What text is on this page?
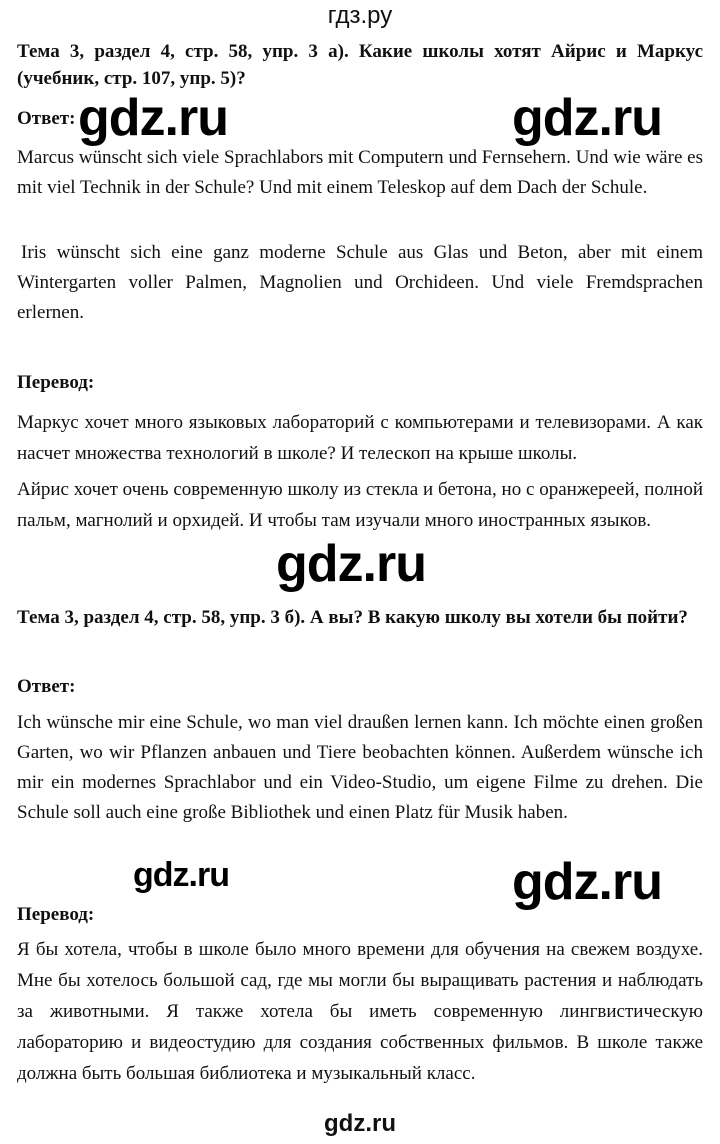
гдз.ру
Тема 3, раздел 4, стр. 58, упр. 3 а). Какие школы хотят Айрис и Маркус (учебник, стр. 107, упр. 5)?
Ответ:

Marcus wünscht sich viele Sprachlabors mit Computern und Fernsehern. Und wie wäre es mit viel Technik in der Schule? Und mit einem Teleskop auf dem Dach der Schule.

Iris wünscht sich eine ganz moderne Schule aus Glas und Beton, aber mit einem Wintergarten voller Palmen, Magnolien und Orchideen. Und viele Fremdsprachen erlernen.

Перевод:

Маркус хочет много языковых лабораторий с компьютерами и телевизорами. А как насчет множества технологий в школе? И телескоп на крыше школы.

Айрис хочет очень современную школу из стекла и бетона, но с оранжереей, полной пальм, магнолий и орхидей. И чтобы там изучали много иностранных языков.

Тема 3, раздел 4, стр. 58, упр. 3 б). А вы? В какую школу вы хотели бы пойти?
Ответ:

Ich wünsche mir eine Schule, wo man viel draußen lernen kann. Ich möchte einen großen Garten, wo wir Pflanzen anbauen und Tiere beobachten können. Außerdem wünsche ich mir ein modernes Sprachlabor und ein Video-Studio, um eigene Filme zu drehen. Die Schule soll auch eine große Bibliothek und einen Platz für Musik haben.

Перевод:

Я бы хотела, чтобы в школе было много времени для обучения на свежем воздухе. Мне бы хотелось большой сад, где мы могли бы выращивать растения и наблюдать за животными. Я также хотела бы иметь современную лингвистическую лабораторию и видеостудию для создания собственных фильмов. В школе также должна быть большая библиотека и музыкальный класс.

gdz.ru	gdz.ru
gdz.ru
gdz.ru	gdz.ru
gdz.ru
